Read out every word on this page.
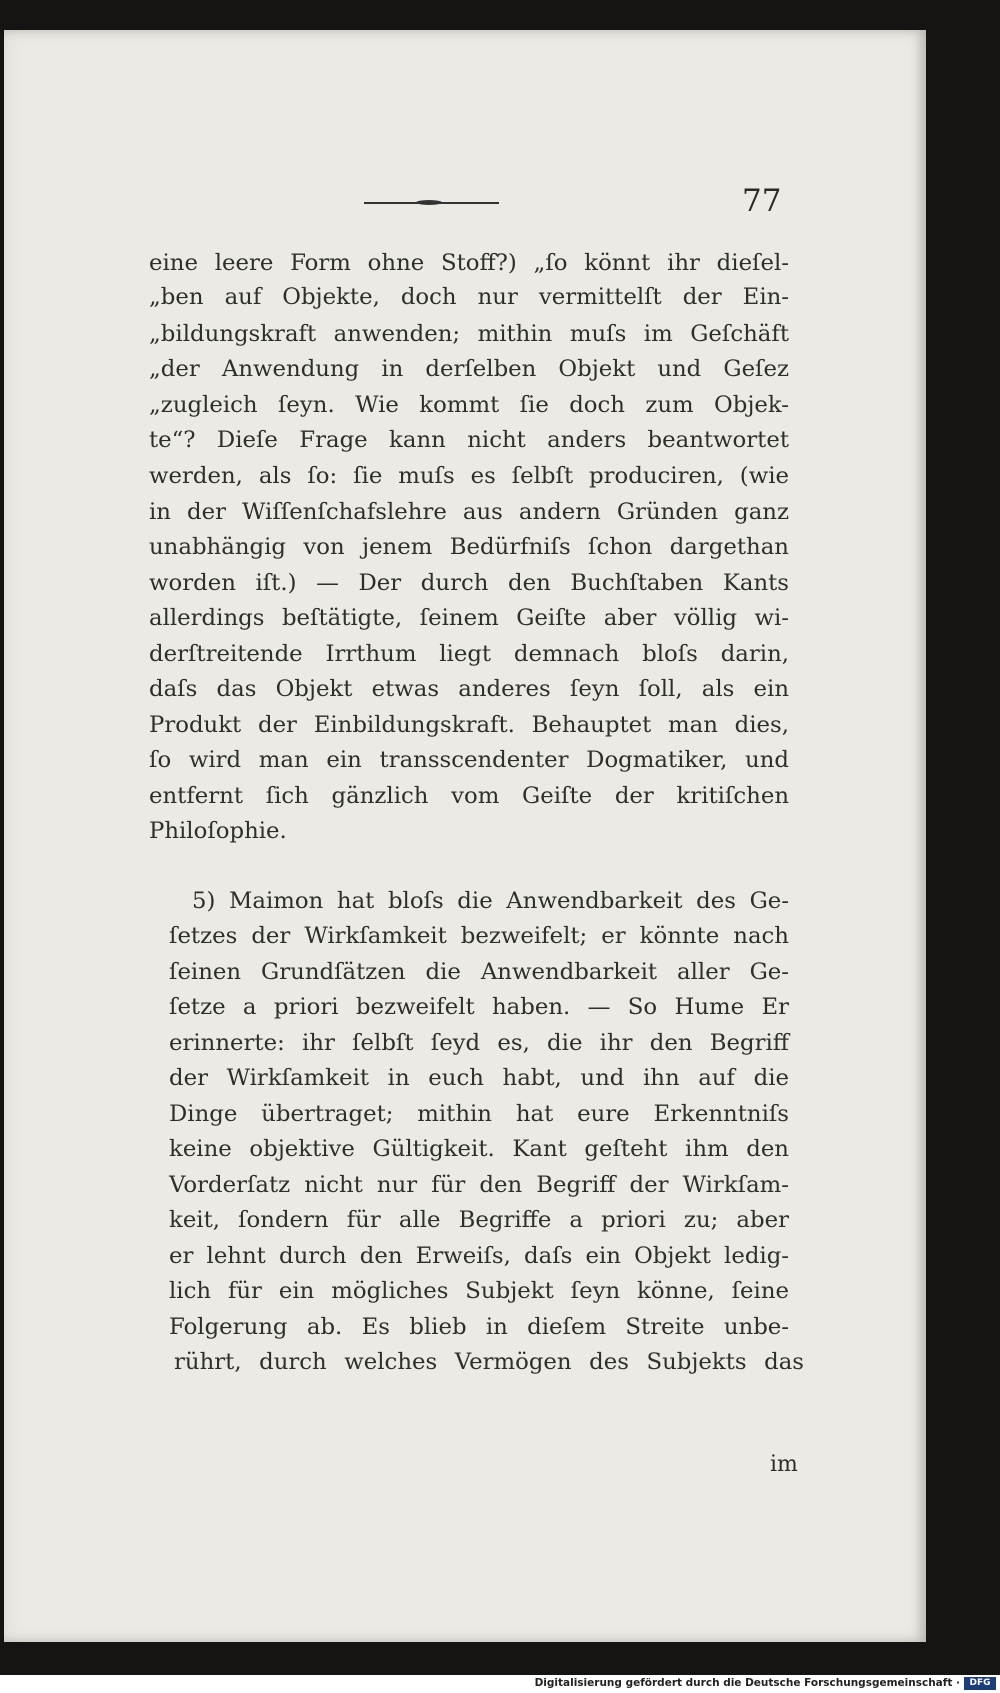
77
eine leere Form ohne Stoff?) „ſo könnt ihr dieſel-
„ben auf Objekte, doch nur vermittelſt der Ein-
„bildungskraft anwenden; mithin muſs im Geſchäft
„der Anwendung in derſelben Objekt und Geſez
„zugleich ſeyn. Wie kommt ſie doch zum Objek-
te“? Dieſe Frage kann nicht anders beantwortet
werden, als ſo: ſie muſs es ſelbſt produciren, (wie
in der Wiſſenſchafslehre aus andern Gründen ganz
unabhängig von jenem Bedürfniſs ſchon dargethan
worden iſt.) — Der durch den Buchſtaben Kants
allerdings beſtätigte, ſeinem Geiſte aber völlig wi-
derſtreitende Irrthum liegt demnach bloſs darin,
daſs das Objekt etwas anderes ſeyn ſoll, als ein
Produkt der Einbildungskraft. Behauptet man dies,
ſo wird man ein transscendenter Dogmatiker, und
entfernt ſich gänzlich vom Geiſte der kritiſchen
Philoſophie.
5) Maimon hat bloſs die Anwendbarkeit des Ge-
ſetzes der Wirkſamkeit bezweifelt; er könnte nach
ſeinen Grundſätzen die Anwendbarkeit aller Ge-
ſetze a priori bezweifelt haben. — So Hume Er
erinnerte: ihr ſelbſt ſeyd es, die ihr den Begriff
der Wirkſamkeit in euch habt, und ihn auf die
Dinge übertraget; mithin hat eure Erkenntniſs
keine objektive Gültigkeit. Kant geſteht ihm den
Vorderſatz nicht nur für den Begriff der Wirkſam-
keit, ſondern für alle Begriffe a priori zu; aber
er lehnt durch den Erweiſs, daſs ein Objekt ledig-
lich für ein mögliches Subjekt ſeyn könne, ſeine
Folgerung ab. Es blieb in dieſem Streite unbe-
rührt, durch welches Vermögen des Subjekts das
im
Digitalisierung gefördert durch die Deutsche Forschungsgemeinschaft ·	DFG
